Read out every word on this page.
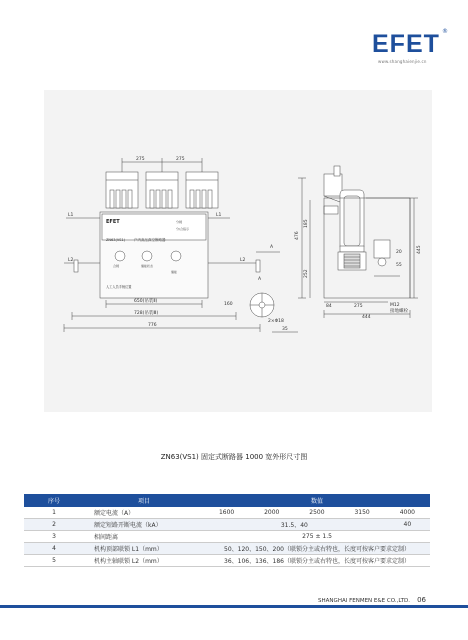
EFET ®
www.shanghaienjie.cn
275	275
L1	L1
EFET
ZN63(VS1)	户内高压真空断路器
分闸
分/合指示
合闸	储能状态
储能
人工人员手柄位置
L2	L2
650(吊装Ⅱ)
728(吊装Ⅲ)
776
A
A
160
2×Φ18
35
476
185
252
445
20
55
84	275
444
M12
接地螺栓
ZN63(VS1) 固定式断路器 1000 宽外形尺寸图
序号	项目	数值				
1	额定电流（A）	1600	2000	2500	3150	4000
2	额定短路开断电流（kA）	31.5、40				40
3	相间距离	275 ± 1.5				
4	机构顶部联锁 L1（mm）	50、120、150、200（联锁分主或右特也，长度可按客户要求定制）				
5	机构主轴联锁 L2（mm）	36、106、136、186（联锁分主或右特也，长度可按客户要求定制）				
SHANGHAI FENMEN E&E CO.,LTD. 06
